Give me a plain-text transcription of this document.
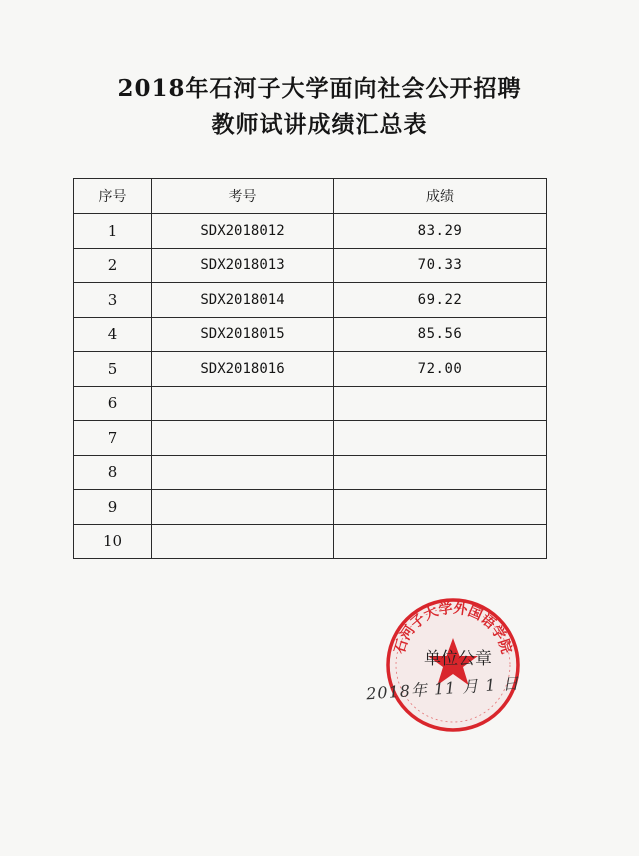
2018年石河子大学面向社会公开招聘
教师试讲成绩汇总表
序号	考号	成绩
1	SDX2018012	83.29
2	SDX2018013	70.33
3	SDX2018014	69.22
4	SDX2018015	85.56
5	SDX2018016	72.00
6		
7		
8		
9		
10		
石河子大学外国语学院
单位公章
2018年 11 月 1 日
